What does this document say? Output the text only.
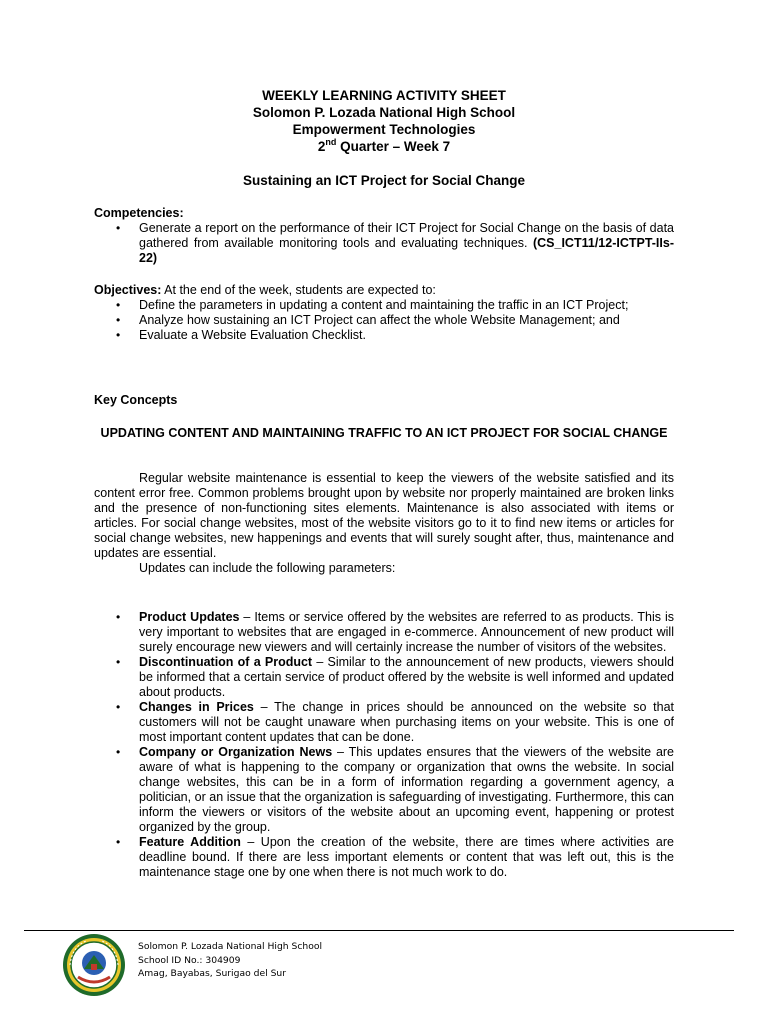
WEEKLY LEARNING ACTIVITY SHEET
Solomon P. Lozada National High School
Empowerment Technologies
2nd Quarter – Week 7
Sustaining an ICT Project for Social Change
Competencies:
• Generate a report on the performance of their ICT Project for Social Change on the basis of data gathered from available monitoring tools and evaluating techniques. (CS_ICT11/12-ICTPT-IIs-22)
Objectives: At the end of the week, students are expected to:
• Define the parameters in updating a content and maintaining the traffic in an ICT Project;
• Analyze how sustaining an ICT Project can affect the whole Website Management; and
• Evaluate a Website Evaluation Checklist.
Key Concepts
UPDATING CONTENT AND MAINTAINING TRAFFIC TO AN ICT PROJECT FOR SOCIAL CHANGE
Regular website maintenance is essential to keep the viewers of the website satisfied and its content error free. Common problems brought upon by website nor properly maintained are broken links and the presence of non-functioning sites elements. Maintenance is also associated with items or articles. For social change websites, most of the website visitors go to it to find new items or articles for social change websites, new happenings and events that will surely sought after, thus, maintenance and updates are essential.
Updates can include the following parameters:
• Product Updates – Items or service offered by the websites are referred to as products. This is very important to websites that are engaged in e-commerce. Announcement of new product will surely encourage new viewers and will certainly increase the number of visitors of the websites.
• Discontinuation of a Product – Similar to the announcement of new products, viewers should be informed that a certain service of product offered by the website is well informed and updated about products.
• Changes in Prices – The change in prices should be announced on the website so that customers will not be caught unaware when purchasing items on your website. This is one of most important content updates that can be done.
• Company or Organization News – This updates ensures that the viewers of the website are aware of what is happening to the company or organization that owns the website. In social change websites, this can be in a form of information regarding a government agency, a politician, or an issue that the organization is safeguarding of investigating. Furthermore, this can inform the viewers or visitors of the website about an upcoming event, happening or protest organized by the group.
• Feature Addition – Upon the creation of the website, there are times where activities are deadline bound. If there are less important elements or content that was left out, this is the maintenance stage one by one when there is not much work to do.
Solomon P. Lozada National High School
School ID No.: 304909
Amag, Bayabas, Surigao del Sur
